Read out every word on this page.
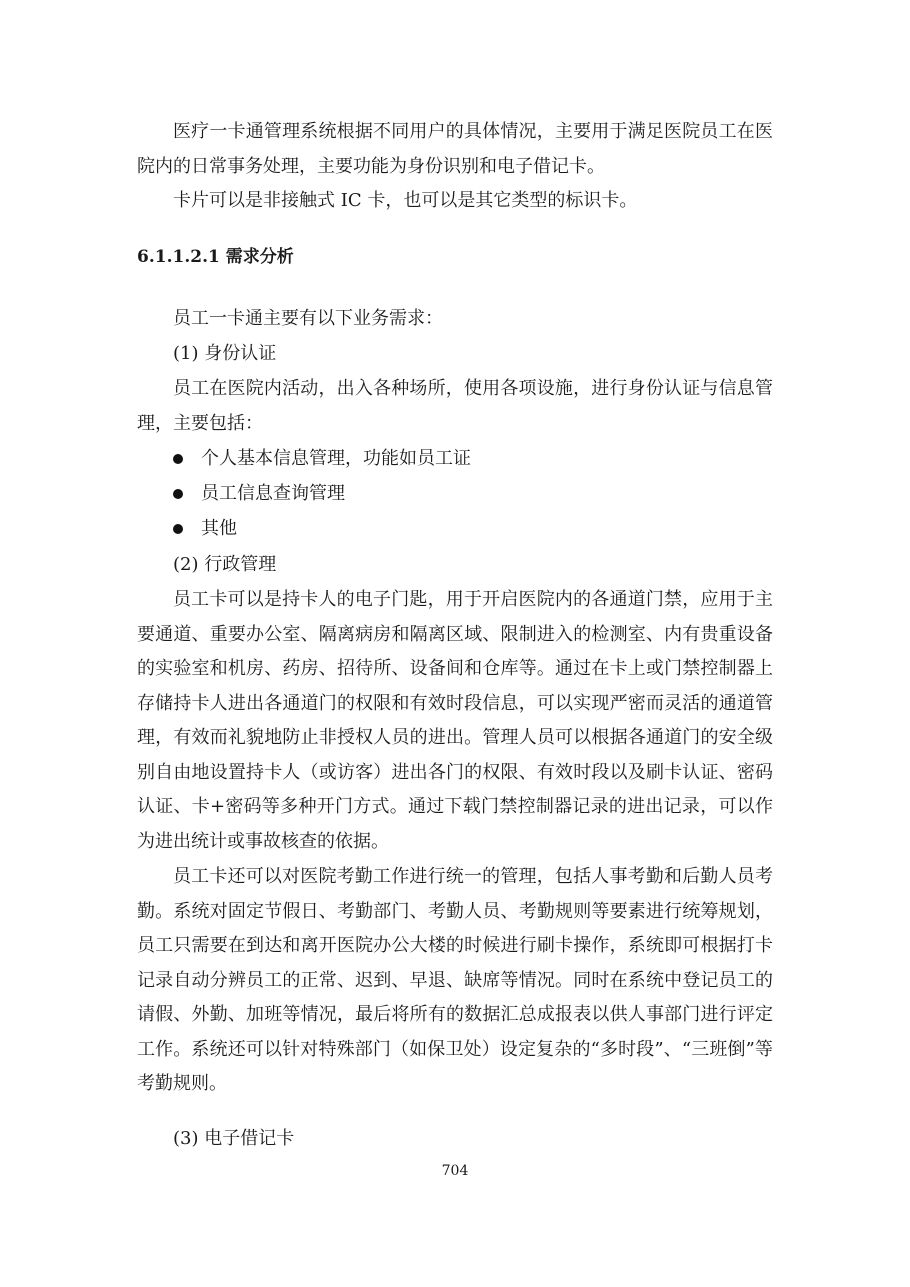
医疗一卡通管理系统根据不同用户的具体情况，主要用于满足医院员工在医院内的日常事务处理，主要功能为身份识别和电子借记卡。

卡片可以是非接触式 IC 卡，也可以是其它类型的标识卡。

6.1.1.2.1 需求分析

员工一卡通主要有以下业务需求：

(1) 身份认证

员工在医院内活动，出入各种场所，使用各项设施，进行身份认证与信息管理，主要包括：

个人基本信息管理，功能如员工证
员工信息查询管理
其他

(2) 行政管理

员工卡可以是持卡人的电子门匙，用于开启医院内的各通道门禁，应用于主要通道、重要办公室、隔离病房和隔离区域、限制进入的检测室、内有贵重设备的实验室和机房、药房、招待所、设备间和仓库等。通过在卡上或门禁控制器上存储持卡人进出各通道门的权限和有效时段信息，可以实现严密而灵活的通道管理，有效而礼貌地防止非授权人员的进出。管理人员可以根据各通道门的安全级别自由地设置持卡人（或访客）进出各门的权限、有效时段以及刷卡认证、密码认证、卡+密码等多种开门方式。通过下载门禁控制器记录的进出记录，可以作为进出统计或事故核查的依据。

员工卡还可以对医院考勤工作进行统一的管理，包括人事考勤和后勤人员考勤。系统对固定节假日、考勤部门、考勤人员、考勤规则等要素进行统筹规划，员工只需要在到达和离开医院办公大楼的时候进行刷卡操作，系统即可根据打卡记录自动分辨员工的正常、迟到、早退、缺席等情况。同时在系统中登记员工的请假、外勤、加班等情况，最后将所有的数据汇总成报表以供人事部门进行评定工作。系统还可以针对特殊部门（如保卫处）设定复杂的“多时段”、“三班倒”等考勤规则。

(3) 电子借记卡

704
